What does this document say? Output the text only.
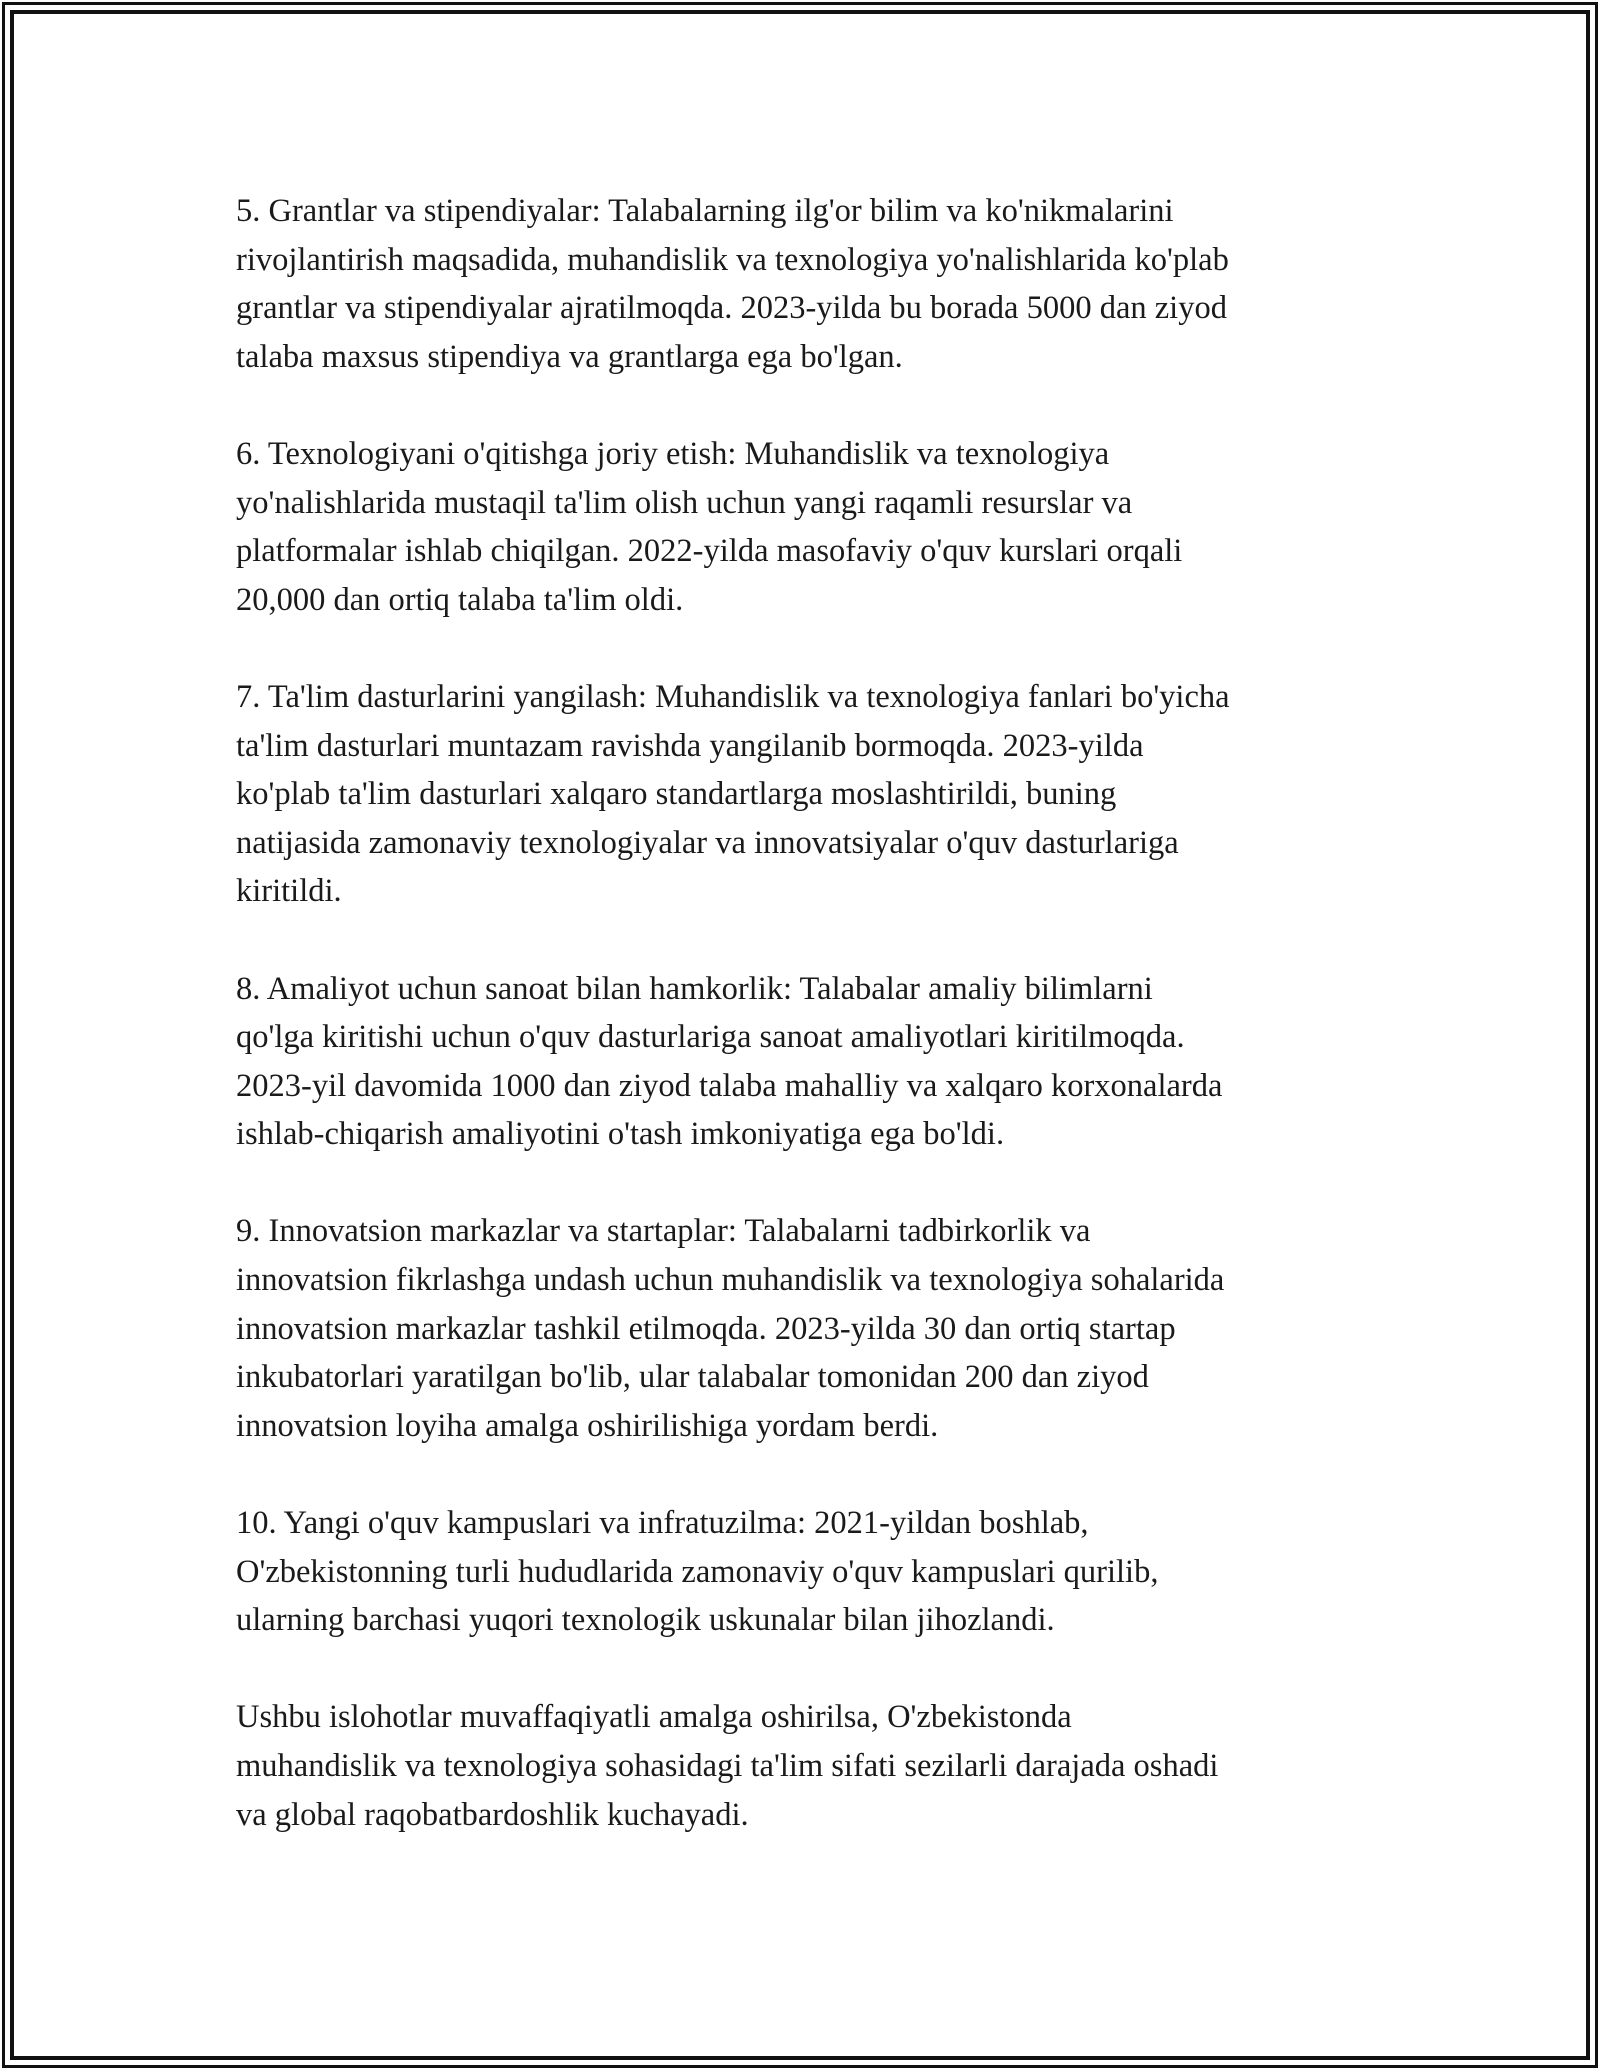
5. Grantlar va stipendiyalar: Talabalarning ilg'or bilim va ko'nikmalarini
rivojlantirish maqsadida, muhandislik va texnologiya yo'nalishlarida ko'plab
grantlar va stipendiyalar ajratilmoqda. 2023-yilda bu borada 5000 dan ziyod
talaba maxsus stipendiya va grantlarga ega bo'lgan.

6. Texnologiyani o'qitishga joriy etish: Muhandislik va texnologiya
yo'nalishlarida mustaqil ta'lim olish uchun yangi raqamli resurslar va
platformalar ishlab chiqilgan. 2022-yilda masofaviy o'quv kurslari orqali
20,000 dan ortiq talaba ta'lim oldi.

7. Ta'lim dasturlarini yangilash: Muhandislik va texnologiya fanlari bo'yicha
ta'lim dasturlari muntazam ravishda yangilanib bormoqda. 2023-yilda
ko'plab ta'lim dasturlari xalqaro standartlarga moslashtirildi, buning
natijasida zamonaviy texnologiyalar va innovatsiyalar o'quv dasturlariga
kiritildi.

8. Amaliyot uchun sanoat bilan hamkorlik: Talabalar amaliy bilimlarni
qo'lga kiritishi uchun o'quv dasturlariga sanoat amaliyotlari kiritilmoqda.
2023-yil davomida 1000 dan ziyod talaba mahalliy va xalqaro korxonalarda
ishlab-chiqarish amaliyotini o'tash imkoniyatiga ega bo'ldi.

9. Innovatsion markazlar va startaplar: Talabalarni tadbirkorlik va
innovatsion fikrlashga undash uchun muhandislik va texnologiya sohalarida
innovatsion markazlar tashkil etilmoqda. 2023-yilda 30 dan ortiq startap
inkubatorlari yaratilgan bo'lib, ular talabalar tomonidan 200 dan ziyod
innovatsion loyiha amalga oshirilishiga yordam berdi.

10. Yangi o'quv kampuslari va infratuzilma: 2021-yildan boshlab,
O'zbekistonning turli hududlarida zamonaviy o'quv kampuslari qurilib,
ularning barchasi yuqori texnologik uskunalar bilan jihozlandi.

Ushbu islohotlar muvaffaqiyatli amalga oshirilsa, O'zbekistonda
muhandislik va texnologiya sohasidagi ta'lim sifati sezilarli darajada oshadi
va global raqobatbardoshlik kuchayadi.
